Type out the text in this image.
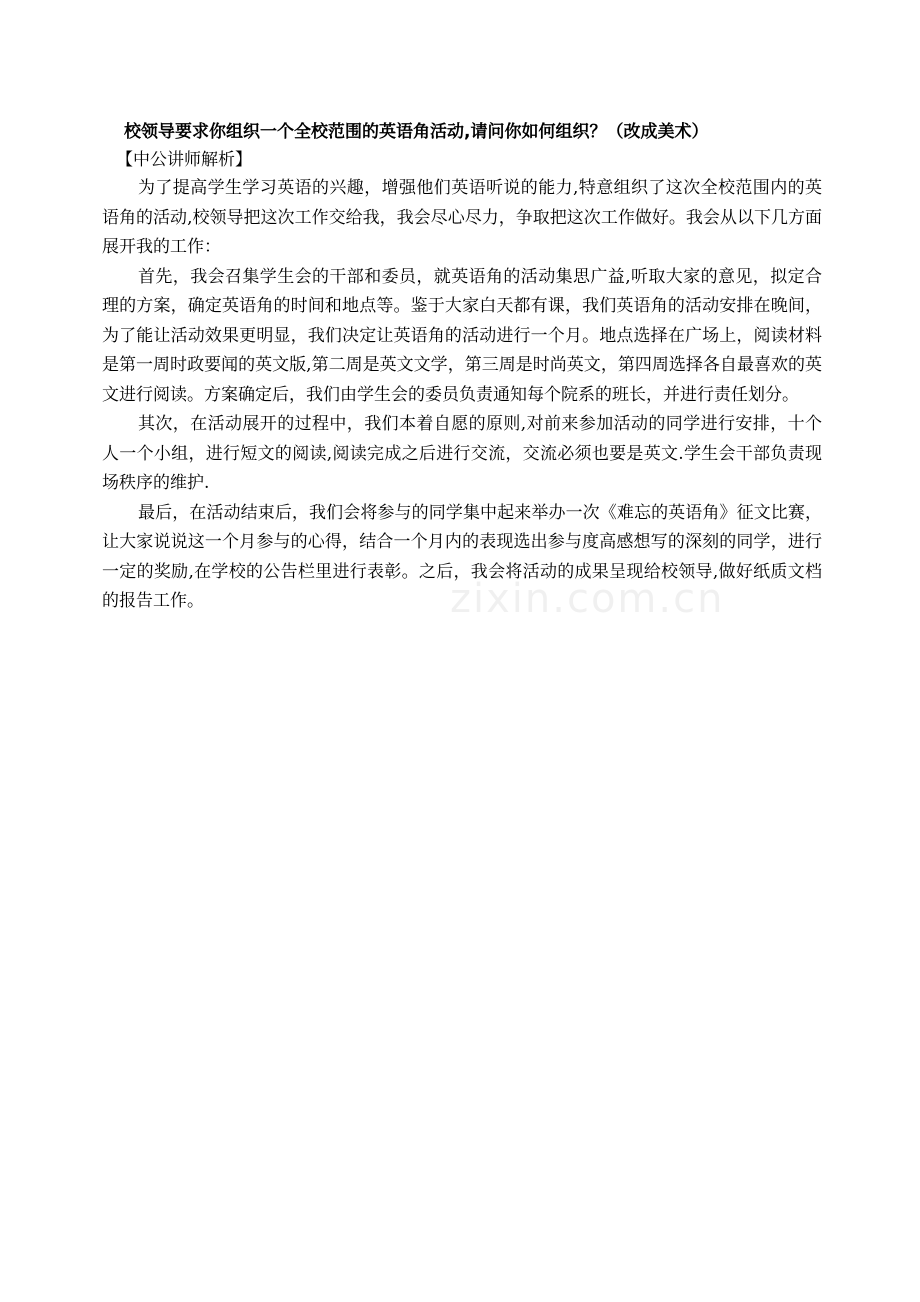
校领导要求你组织一个全校范围的英语角活动,请问你如何组织？（改成美术）

【中公讲师解析】

为了提高学生学习英语的兴趣，增强他们英语听说的能力,特意组织了这次全校范围内的英语角的活动,校领导把这次工作交给我，我会尽心尽力，争取把这次工作做好。我会从以下几方面展开我的工作：

首先，我会召集学生会的干部和委员，就英语角的活动集思广益,听取大家的意见，拟定合理的方案，确定英语角的时间和地点等。鉴于大家白天都有课，我们英语角的活动安排在晚间，为了能让活动效果更明显，我们决定让英语角的活动进行一个月。地点选择在广场上，阅读材料是第一周时政要闻的英文版,第二周是英文文学，第三周是时尚英文，第四周选择各自最喜欢的英文进行阅读。方案确定后，我们由学生会的委员负责通知每个院系的班长，并进行责任划分。

其次，在活动展开的过程中，我们本着自愿的原则,对前来参加活动的同学进行安排，十个人一个小组，进行短文的阅读,阅读完成之后进行交流，交流必须也要是英文.学生会干部负责现场秩序的维护.

最后，在活动结束后，我们会将参与的同学集中起来举办一次《难忘的英语角》征文比赛，让大家说说这一个月参与的心得，结合一个月内的表现选出参与度高感想写的深刻的同学，进行一定的奖励,在学校的公告栏里进行表彰。之后，我会将活动的成果呈现给校领导,做好纸质文档的报告工作。	zixin.com.cn
